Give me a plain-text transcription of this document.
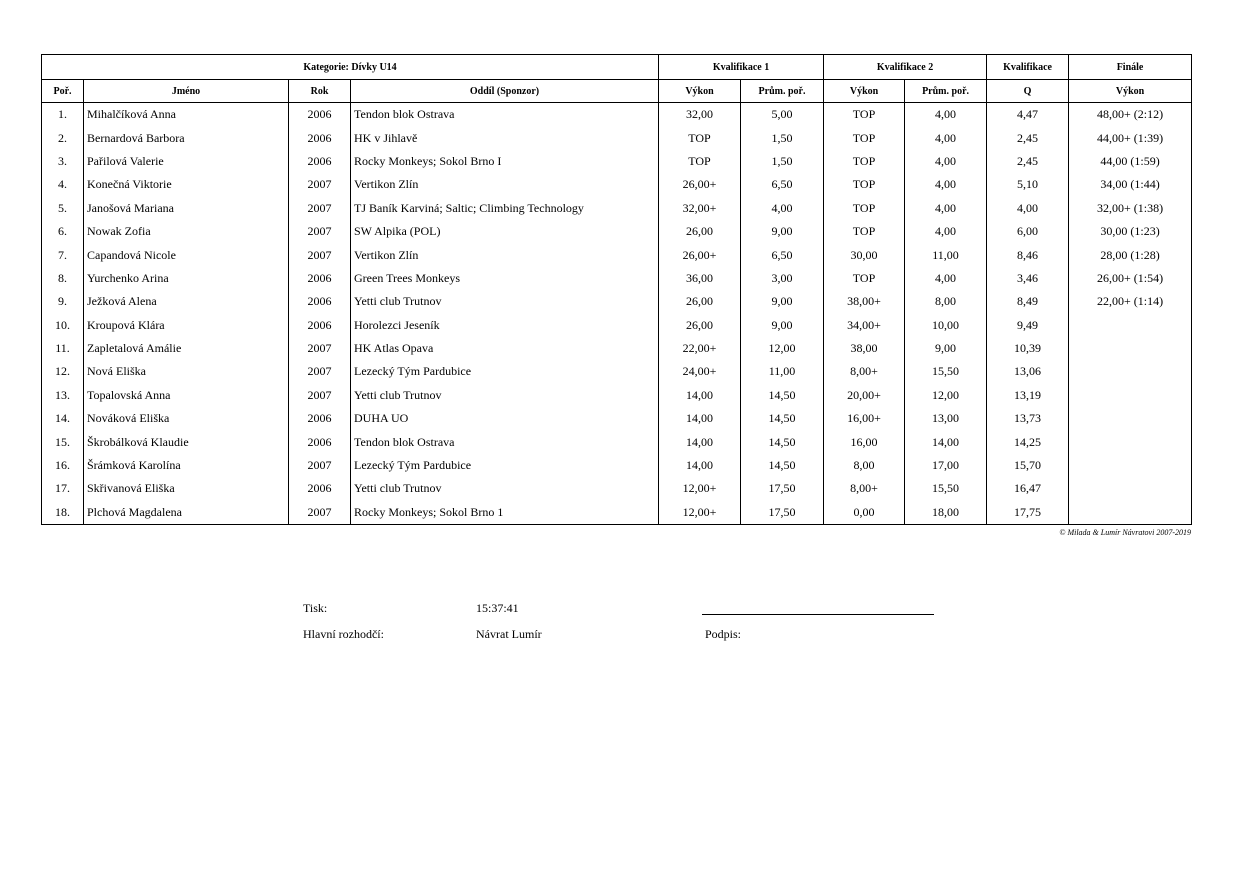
Kategorie: Dívky U14				Kvalifikace 1		Kvalifikace 2		Kvalifikace	Finále
Poř.	Jméno	Rok	Oddíl (Sponzor)	Výkon	Prům. poř.	Výkon	Prům. poř.	Q	Výkon
1.	Mihalčíková Anna	2006	Tendon blok Ostrava	32,00	5,00	TOP	4,00	4,47	48,00+ (2:12)
2.	Bernardová Barbora	2006	HK v Jihlavě	TOP	1,50	TOP	4,00	2,45	44,00+ (1:39)
3.	Pařilová Valerie	2006	Rocky Monkeys; Sokol Brno I	TOP	1,50	TOP	4,00	2,45	44,00 (1:59)
4.	Konečná Viktorie	2007	Vertikon Zlín	26,00+	6,50	TOP	4,00	5,10	34,00 (1:44)
5.	Janošová Mariana	2007	TJ Baník Karviná; Saltic; Climbing Technology	32,00+	4,00	TOP	4,00	4,00	32,00+ (1:38)
6.	Nowak Zofia	2007	SW Alpika (POL)	26,00	9,00	TOP	4,00	6,00	30,00 (1:23)
7.	Capandová Nicole	2007	Vertikon Zlín	26,00+	6,50	30,00	11,00	8,46	28,00 (1:28)
8.	Yurchenko Arina	2006	Green Trees Monkeys	36,00	3,00	TOP	4,00	3,46	26,00+ (1:54)
9.	Ježková Alena	2006	Yetti club Trutnov	26,00	9,00	38,00+	8,00	8,49	22,00+ (1:14)
10.	Kroupová Klára	2006	Horolezci Jeseník	26,00	9,00	34,00+	10,00	9,49	
11.	Zapletalová Amálie	2007	HK Atlas Opava	22,00+	12,00	38,00	9,00	10,39	
12.	Nová Eliška	2007	Lezecký Tým Pardubice	24,00+	11,00	8,00+	15,50	13,06	
13.	Topalovská Anna	2007	Yetti club Trutnov	14,00	14,50	20,00+	12,00	13,19	
14.	Nováková Eliška	2006	DUHA UO	14,00	14,50	16,00+	13,00	13,73	
15.	Škrobálková Klaudie	2006	Tendon blok Ostrava	14,00	14,50	16,00	14,00	14,25	
16.	Šrámková Karolína	2007	Lezecký Tým Pardubice	14,00	14,50	8,00	17,00	15,70	
17.	Skřivanová Eliška	2006	Yetti club Trutnov	12,00+	17,50	8,00+	15,50	16,47	
18.	Plchová Magdalena	2007	Rocky Monkeys; Sokol Brno 1	12,00+	17,50	0,00	18,00	17,75	
© Milada & Lumír Návratovi 2007-2019
Tisk:	15:37:41
Hlavní rozhodčí:	Návrat Lumír	Podpis:
